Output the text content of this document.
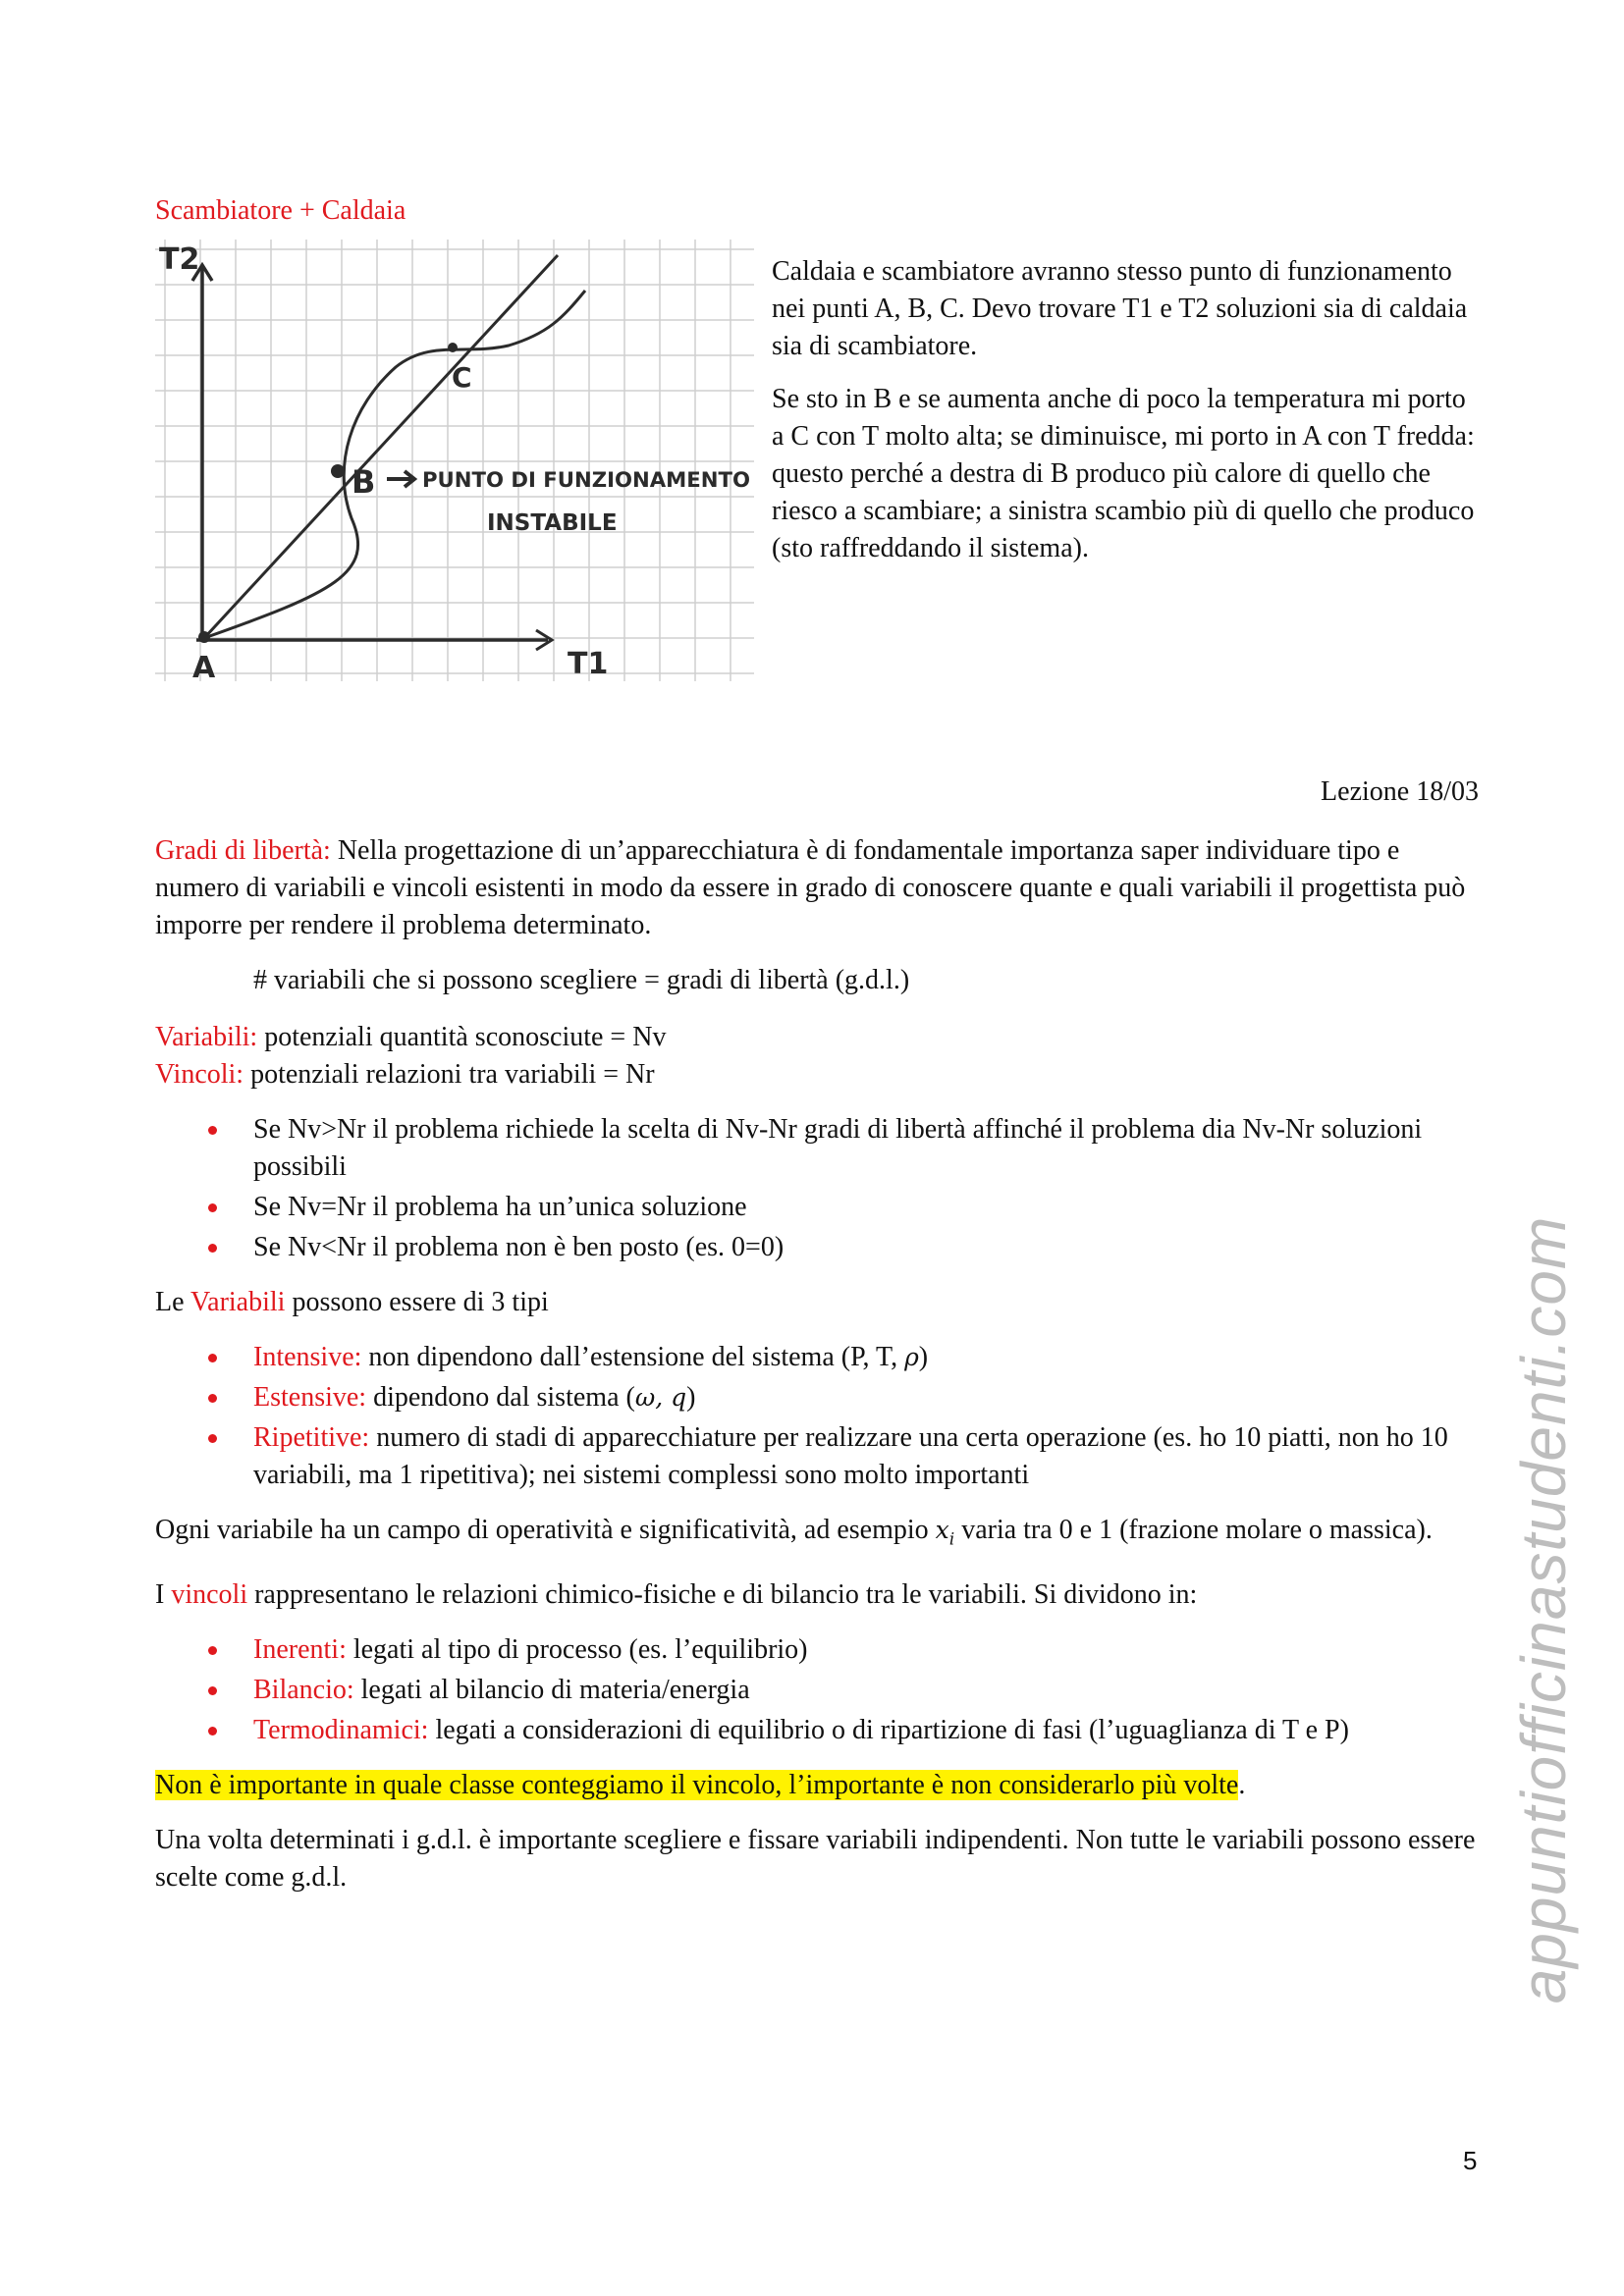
Scambiatore + Caldaia
T2
T1
A
B
C
PUNTO DI FUNZIONAMENTO
INSTABILE

Caldaia e scambiatore avranno stesso punto di funzionamento nei punti A, B, C. Devo trovare T1 e T2 soluzioni sia di caldaia sia di scambiatore.

Se sto in B e se aumenta anche di poco la temperatura mi porto a C con T molto alta; se diminuisce, mi porto in A con T fredda: questo perché a destra di B produco più calore di quello che riesco a scambiare; a sinistra scambio più di quello che produco (sto raffreddando il sistema).

Lezione 18/03

Gradi di libertà: Nella progettazione di un’apparecchiatura è di fondamentale importanza saper individuare tipo e numero di variabili e vincoli esistenti in modo da essere in grado di conoscere quante e quali variabili il progettista può imporre per rendere il problema determinato.

# variabili che si possono scegliere = gradi di libertà (g.d.l.)

Variabili: potenziali quantità sconosciute = Nv

Vincoli: potenziali relazioni tra variabili = Nr

Se Nv>Nr il problema richiede la scelta di Nv-Nr gradi di libertà affinché il problema dia Nv-Nr soluzioni possibili
Se Nv=Nr il problema ha un’unica soluzione
Se Nv<Nr il problema non è ben posto (es. 0=0)

Le Variabili possono essere di 3 tipi

Intensive: non dipendono dall’estensione del sistema (P, T, ρ)
Estensive: dipendono dal sistema (ω, q)
Ripetitive: numero di stadi di apparecchiature per realizzare una certa operazione (es. ho 10 piatti, non ho 10 variabili, ma 1 ripetitiva); nei sistemi complessi sono molto importanti

Ogni variabile ha un campo di operatività e significatività, ad esempio $x_i$ varia tra 0 e 1 (frazione molare o massica).

I vincoli rappresentano le relazioni chimico-fisiche e di bilancio tra le variabili. Si dividono in:

Inerenti: legati al tipo di processo (es. l’equilibrio)
Bilancio: legati al bilancio di materia/energia
Termodinamici: legati a considerazioni di equilibrio o di ripartizione di fasi (l’uguaglianza di T e P)

Non è importante in quale classe conteggiamo il vincolo, l’importante è non considerarlo più volte.

Una volta determinati i g.d.l. è importante scegliere e fissare variabili indipendenti. Non tutte le variabili possono essere scelte come g.d.l.	appuntiofficinastudenti.com
5
